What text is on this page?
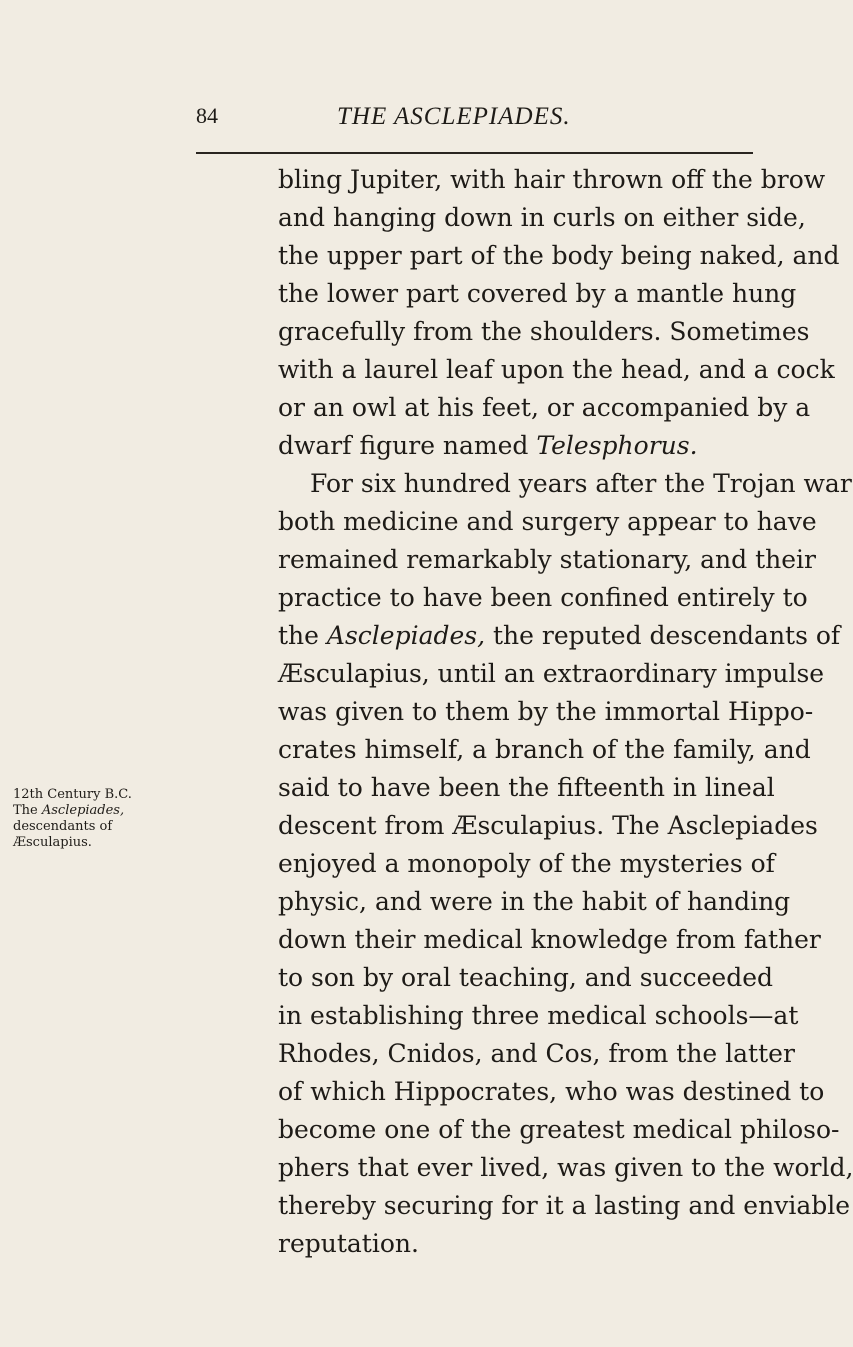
84	THE ASCLEPIADES.
12th Century B.C.
The Asclepiades,
descendants of
Æsculapius.
bling Jupiter, with hair thrown off the brow
and hanging down in curls on either side,
the upper part of the body being naked, and
the lower part covered by a mantle hung
gracefully from the shoulders. Sometimes
with a laurel leaf upon the head, and a cock
or an owl at his feet, or accompanied by a
dwarf figure named Telesphorus.
For six hundred years after the Trojan war
both medicine and surgery appear to have
remained remarkably stationary, and their
practice to have been confined entirely to
the Asclepiades, the reputed descendants of
Æsculapius, until an extraordinary impulse
was given to them by the immortal Hippo-
crates himself, a branch of the family, and
said to have been the fifteenth in lineal
descent from Æsculapius. The Asclepiades
enjoyed a monopoly of the mysteries of
physic, and were in the habit of handing
down their medical knowledge from father
to son by oral teaching, and succeeded
in establishing three medical schools—at
Rhodes, Cnidos, and Cos, from the latter
of which Hippocrates, who was destined to
become one of the greatest medical philoso-
phers that ever lived, was given to the world,
thereby securing for it a lasting and enviable
reputation.
